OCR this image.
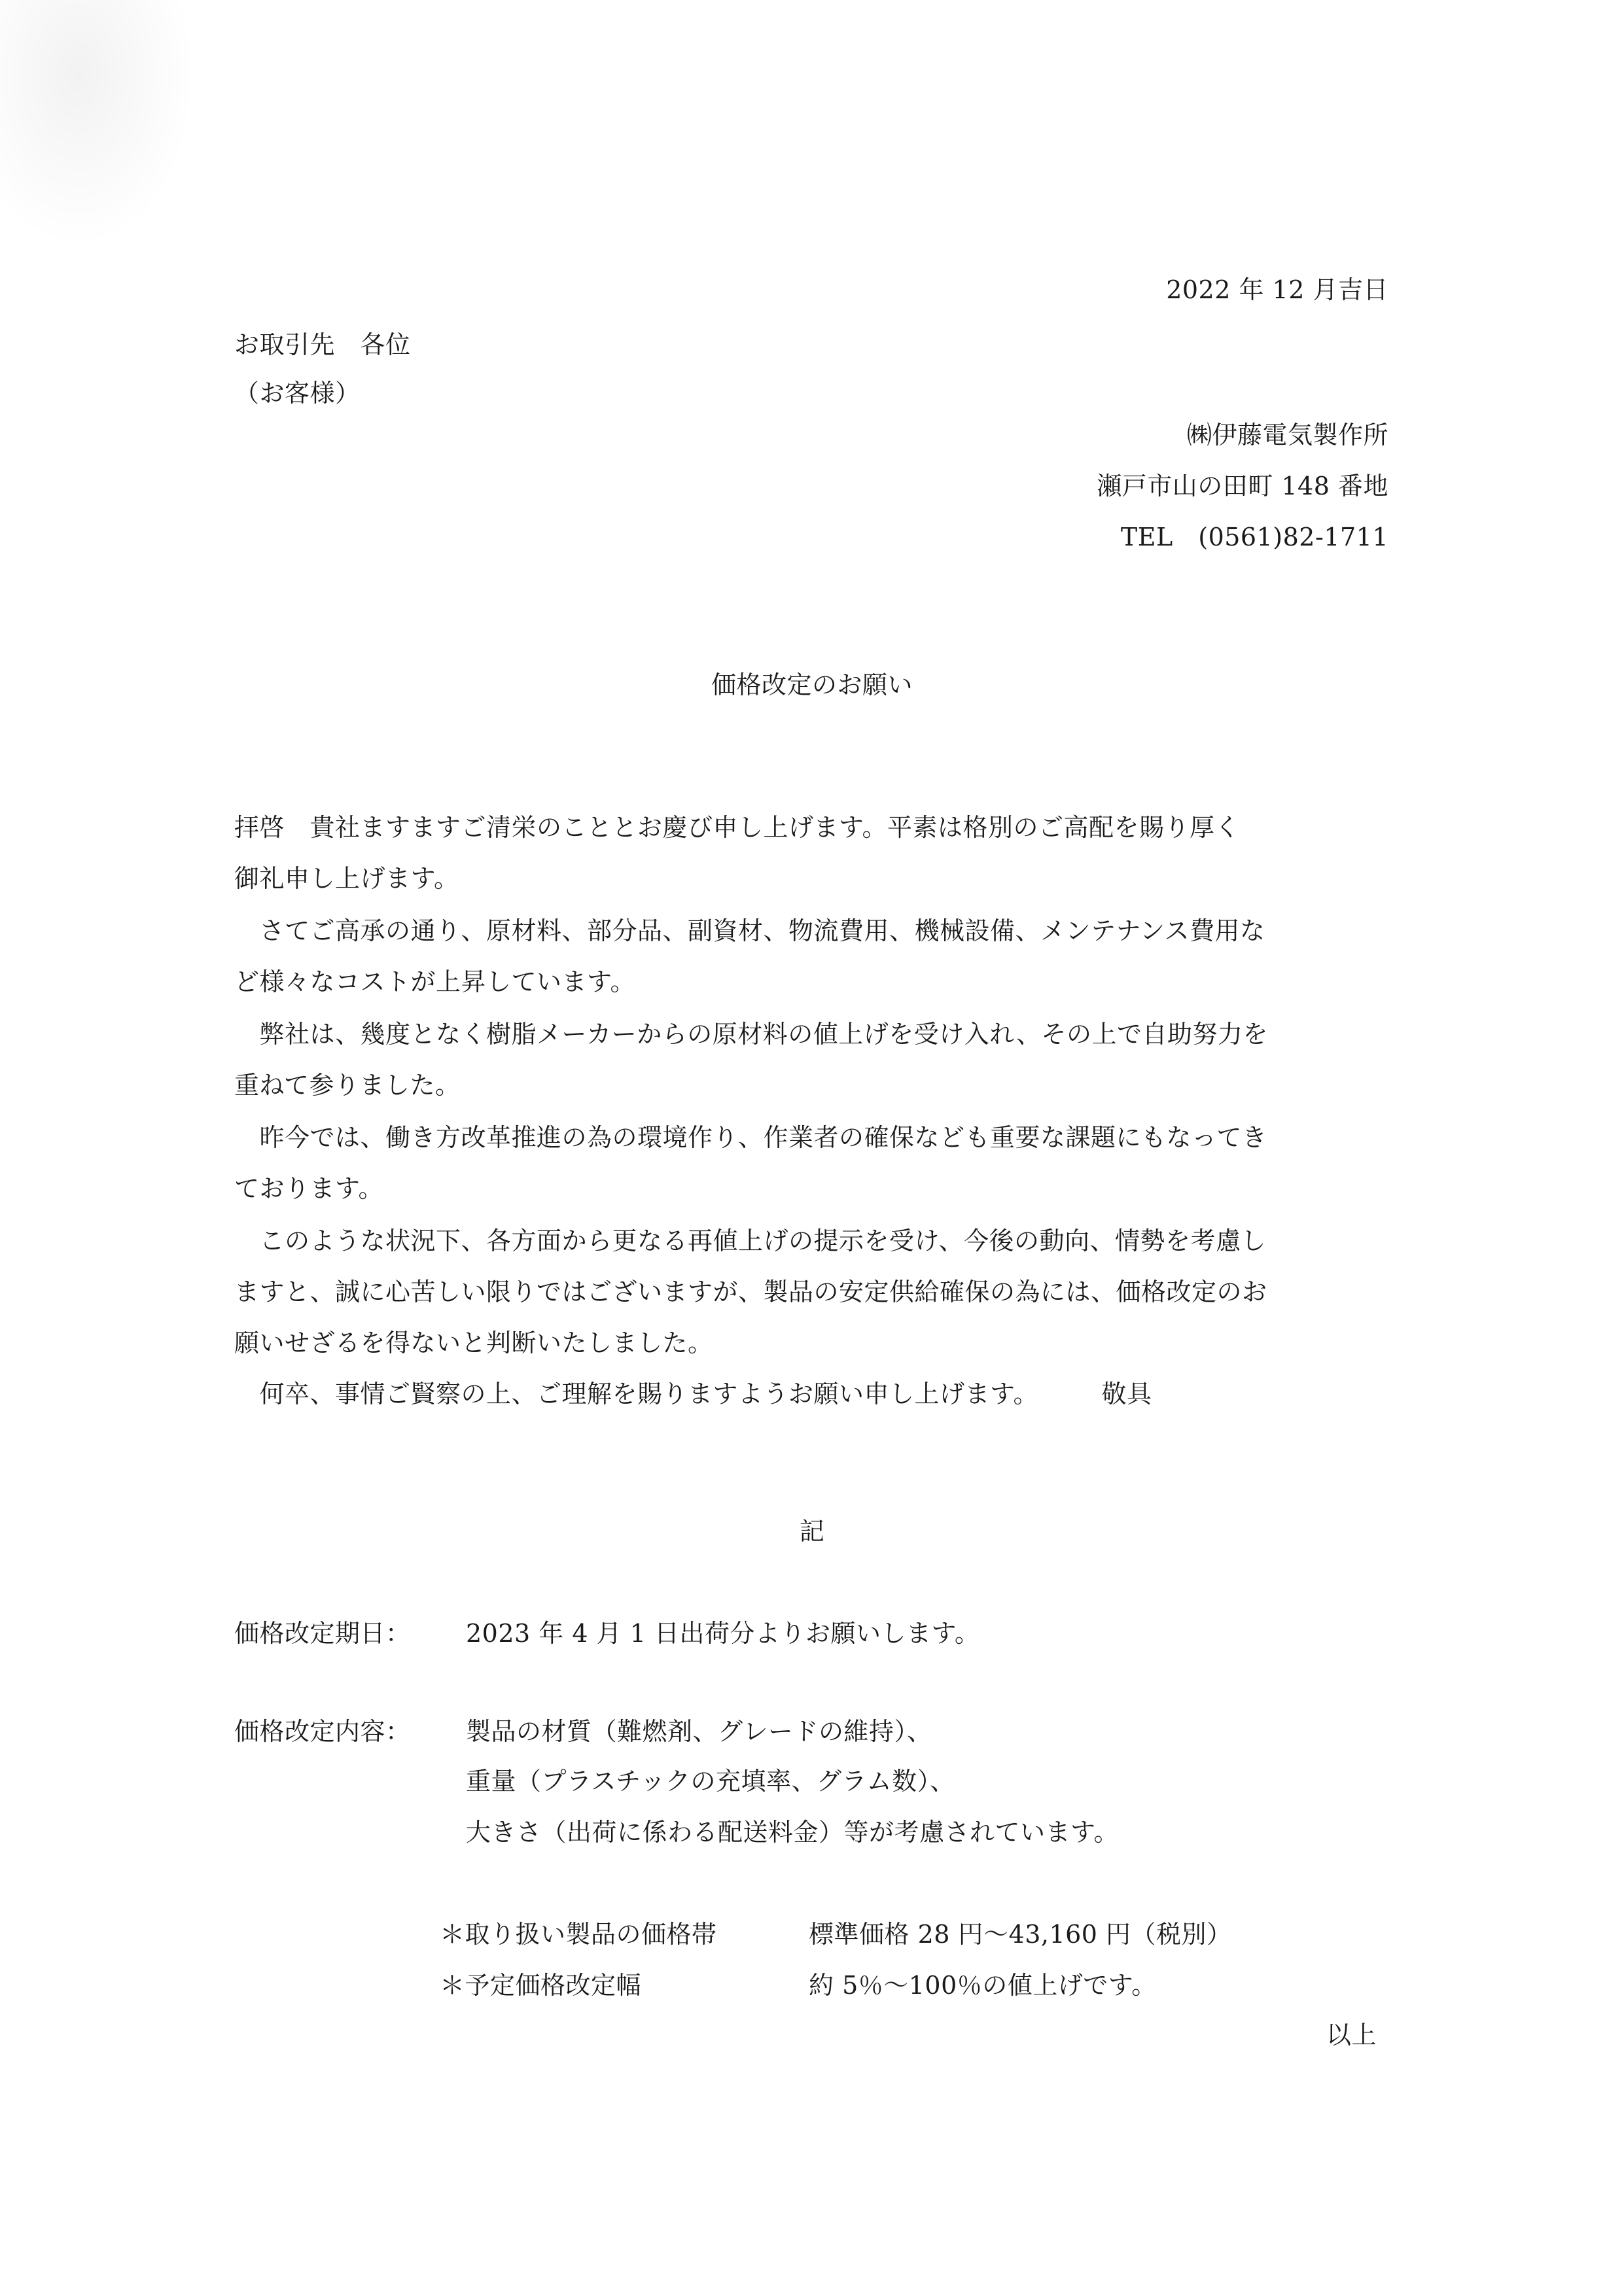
2022 年 12 月吉日
お取引先　各位
（お客様）
㈱伊藤電気製作所
瀬戸市山の田町 148 番地
TEL　(0561)82-1711
価格改定のお願い
拝啓　貴社ますますご清栄のこととお慶び申し上げます。平素は格別のご高配を賜り厚く
御礼申し上げます。
　さてご高承の通り、原材料、部分品、副資材、物流費用、機械設備、メンテナンス費用な
ど様々なコストが上昇しています。
　弊社は、幾度となく樹脂メーカーからの原材料の値上げを受け入れ、その上で自助努力を
重ねて参りました。
　昨今では、働き方改革推進の為の環境作り、作業者の確保なども重要な課題にもなってき
ております。
　このような状況下、各方面から更なる再値上げの提示を受け、今後の動向、情勢を考慮し
ますと、誠に心苦しい限りではございますが、製品の安定供給確保の為には、価格改定のお
願いせざるを得ないと判断いたしました。
　何卒、事情ご賢察の上、ご理解を賜りますようお願い申し上げます。　　　敬具
記
価格改定期日： 2023 年 4 月 1 日出荷分よりお願いします。
価格改定内容： 製品の材質（難燃剤、グレードの維持）、
重量（プラスチックの充填率、グラム数）、
大きさ（出荷に係わる配送料金）等が考慮されています。
＊取り扱い製品の価格帯	標準価格 28 円～43,160 円（税別）
＊予定価格改定幅	約 5％～100％の値上げです。
以上
